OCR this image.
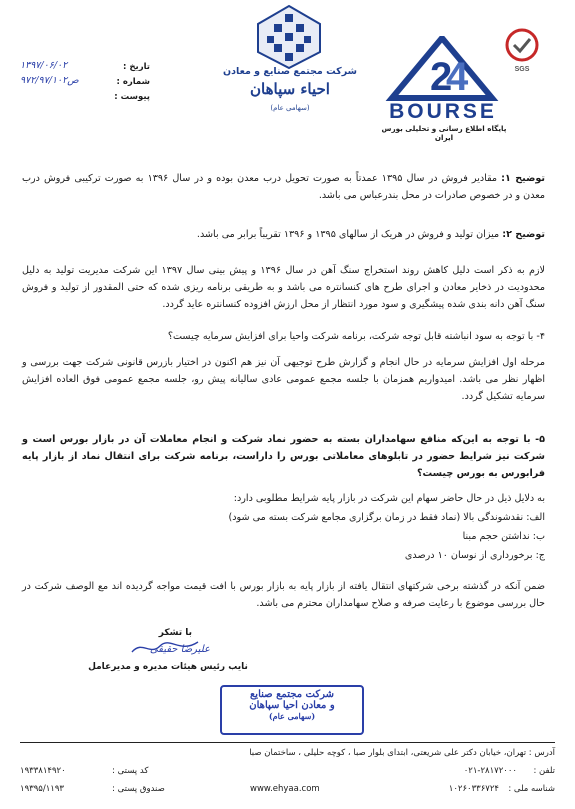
تاریخ :
۱۳۹۷/۰۶/۰۲
شماره :
۹۷۲/۹۷/۱۰۲ص
پیوست :
شرکت مجتمع صنایع و معادن
احیاء سپاهان
(سهامی عام)
2
4
BOURSE
پایگاه اطلاع رسانی و تحلیلی بورس ایران
SGS
توضیح ۱: مقادیر فروش در سال ۱۳۹۵ عمدتاً به صورت تحویل درب معدن بوده و در سال ۱۳۹۶ به صورت ترکیبی فروش درب معدن و در خصوص صادرات در محل بندرعباس می باشد.
توضیح ۲: میزان تولید و فروش در هریک از سالهای ۱۳۹۵ و ۱۳۹۶ تقریباً برابر می باشد.
لازم به ذکر است دلیل کاهش روند استخراج سنگ آهن در سال ۱۳۹۶ و پیش بینی سال ۱۳۹۷ این شرکت مدیریت تولید به دلیل محدودیت در ذخایر معادن و اجرای طرح های کنسانتره می باشد و به طریقی برنامه ریزی شده که حتی المقدور از تولید و فروش سنگ آهن دانه بندی شده پیشگیری و سود مورد انتظار از محل ارزش افزوده کنسانتره عاید گردد.
۴- با توجه به سود انباشته قابل توجه شرکت، برنامه شرکت واحیا برای افزایش سرمایه چیست؟
مرحله اول افزایش سرمایه در حال انجام و گزارش طرح توجیهی آن نیز هم اکنون در اختیار بازرس قانونی شرکت جهت بررسی و اظهار نظر می باشد. امیدواریم همزمان با جلسه مجمع عمومی عادی سالیانه پیش رو، جلسه مجمع عمومی فوق العاده افزایش سرمایه تشکیل گردد.
۵- با توجه به این‌که منافع سهامداران بسته به حضور نماد شرکت و انجام معاملات آن در بازار بورس است و شرکت نیز شرایط حضور در تابلوهای معاملاتی بورس را داراست، برنامه شرکت برای انتقال نماد از بازار پایه فرابورس به بورس چیست؟
به دلایل ذیل در حال حاضر سهام این شرکت در بازار پایه شرایط مطلوبی دارد:
الف: نقدشوندگی بالا (نماد فقط در زمان برگزاری مجامع شرکت بسته می شود)
ب: نداشتن حجم مبنا
ج: برخورداری از نوسان ۱۰ درصدی
ضمن آنکه در گذشته برخی شرکتهای انتقال یافته از بازار پایه به بازار بورس با افت قیمت مواجه گردیده اند مع الوصف شرکت در حال بررسی موضوع با رعایت صرفه و صلاح سهامداران محترم می باشد.
با تشکر
علیرضا حقیقی
نایب رئیس هیئات مدیره و مدیرعامل
شرکت مجتمع صنایع
و معادن احیا سپاهان
(سهامی عام)
آدرس : تهران، خیابان دکتر علی شریعتی، ابتدای بلوار صبا ، کوچه حلیلی ، ساختمان صبا
تلفن :
۰۲۱-۲۸۱۷۲۰۰۰
کد پستی :
۱۹۳۳۸۱۴۹۲۰
شناسه ملی :
۱۰۲۶۰۳۳۶۷۲۴
www.ehyaa.com
صندوق پستی :
۱۹۳۹۵/۱۱۹۳
